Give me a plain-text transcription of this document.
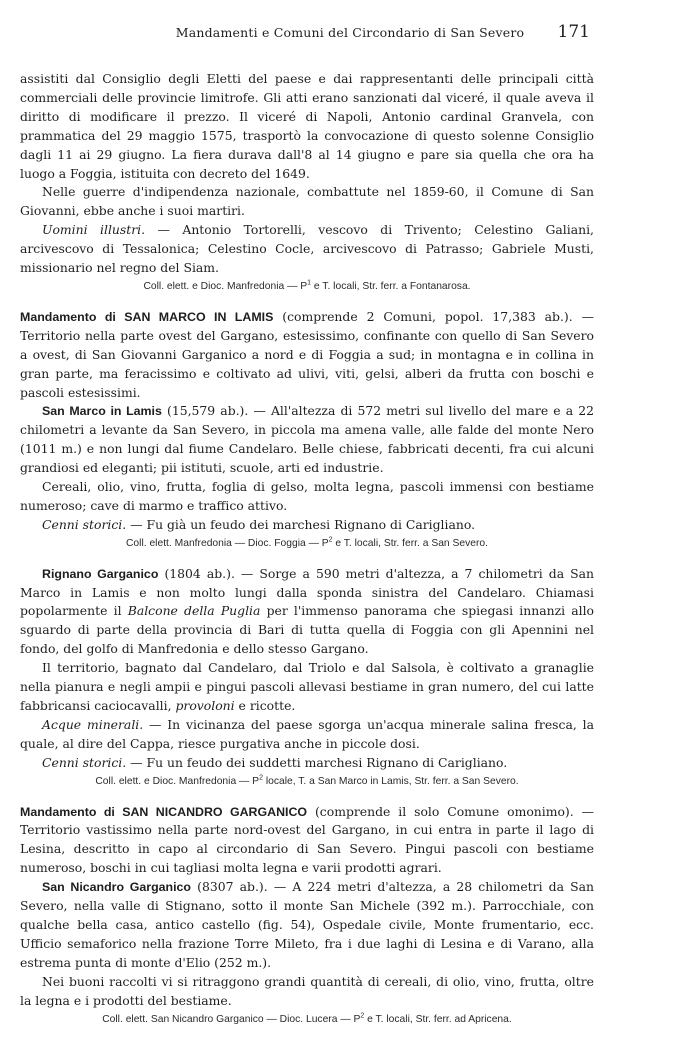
Mandamenti e Comuni del Circondario di San Severo	171

assistiti dal Consiglio degli Eletti del paese e dai rappresentanti delle principali città commerciali delle provincie limitrofe. Gli atti erano sanzionati dal viceré, il quale aveva il diritto di modificare il prezzo. Il viceré di Napoli, Antonio cardinal Granvela, con prammatica del 29 maggio 1575, trasportò la convocazione di questo solenne Consiglio dagli 11 ai 29 giugno. La fiera durava dall'8 al 14 giugno e pare sia quella che ora ha luogo a Foggia, istituita con decreto del 1649.

Nelle guerre d'indipendenza nazionale, combattute nel 1859-60, il Comune di San Giovanni, ebbe anche i suoi martiri.

Uomini illustri. — Antonio Tortorelli, vescovo di Trivento; Celestino Galiani, arcivescovo di Tessalonica; Celestino Cocle, arcivescovo di Patrasso; Gabriele Musti, missionario nel regno del Siam.

Coll. elett. e Dioc. Manfredonia — $P^1$ e T. locali, Str. ferr. a Fontanarosa.

Mandamento di SAN MARCO IN LAMIS (comprende 2 Comuni, popol. 17,383 ab.). — Territorio nella parte ovest del Gargano, estesissimo, confinante con quello di San Severo a ovest, di San Giovanni Garganico a nord e di Foggia a sud; in montagna e in collina in gran parte, ma feracissimo e coltivato ad ulivi, viti, gelsi, alberi da frutta con boschi e pascoli estesissimi.

San Marco in Lamis (15,579 ab.). — All'altezza di 572 metri sul livello del mare e a 22 chilometri a levante da San Severo, in piccola ma amena valle, alle falde del monte Nero (1011 m.) e non lungi dal fiume Candelaro. Belle chiese, fabbricati decenti, fra cui alcuni grandiosi ed eleganti; pii istituti, scuole, arti ed industrie.

Cereali, olio, vino, frutta, foglia di gelso, molta legna, pascoli immensi con bestiame numeroso; cave di marmo e traffico attivo.

Cenni storici. — Fu già un feudo dei marchesi Rignano di Carigliano.

Coll. elett. Manfredonia — Dioc. Foggia — $P^2$ e T. locali, Str. ferr. a San Severo.

Rignano Garganico (1804 ab.). — Sorge a 590 metri d'altezza, a 7 chilometri da San Marco in Lamis e non molto lungi dalla sponda sinistra del Candelaro. Chiamasi popolarmente il Balcone della Puglia per l'immenso panorama che spiegasi innanzi allo sguardo di parte della provincia di Bari di tutta quella di Foggia con gli Apennini nel fondo, del golfo di Manfredonia e dello stesso Gargano.

Il territorio, bagnato dal Candelaro, dal Triolo e dal Salsola, è coltivato a granaglie nella pianura e negli ampii e pingui pascoli allevasi bestiame in gran numero, del cui latte fabbricansi caciocavalli, provoloni e ricotte.

Acque minerali. — In vicinanza del paese sgorga un'acqua minerale salina fresca, la quale, al dire del Cappa, riesce purgativa anche in piccole dosi.

Cenni storici. — Fu un feudo dei suddetti marchesi Rignano di Carigliano.

Coll. elett. e Dioc. Manfredonia — $P^2$ locale, T. a San Marco in Lamis, Str. ferr. a San Severo.

Mandamento di SAN NICANDRO GARGANICO (comprende il solo Comune omonimo). — Territorio vastissimo nella parte nord-ovest del Gargano, in cui entra in parte il lago di Lesina, descritto in capo al circondario di San Severo. Pingui pascoli con bestiame numeroso, boschi in cui tagliasi molta legna e varii prodotti agrari.

San Nicandro Garganico (8307 ab.). — A 224 metri d'altezza, a 28 chilometri da San Severo, nella valle di Stignano, sotto il monte San Michele (392 m.). Parrocchiale, con qualche bella casa, antico castello (fig. 54), Ospedale civile, Monte frumentario, ecc. Ufficio semaforico nella frazione Torre Mileto, fra i due laghi di Lesina e di Varano, alla estrema punta di monte d'Elio (252 m.).

Nei buoni raccolti vi si ritraggono grandi quantità di cereali, di olio, vino, frutta, oltre la legna e i prodotti del bestiame.

Coll. elett. San Nicandro Garganico — Dioc. Lucera — $P^2$ e T. locali, Str. ferr. ad Apricena.
